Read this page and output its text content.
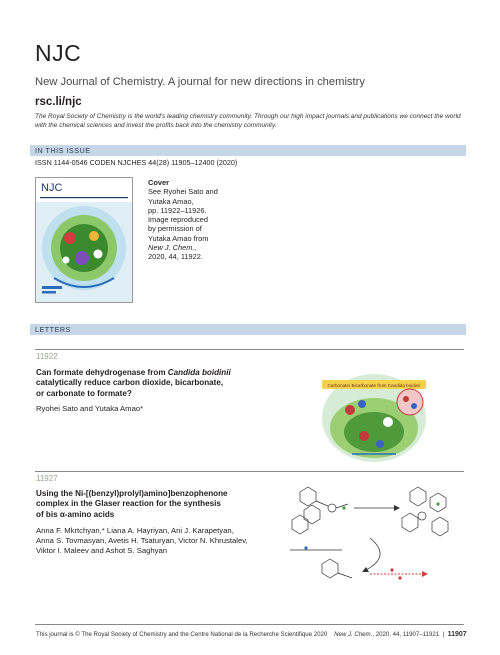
NJC
New Journal of Chemistry. A journal for new directions in chemistry
rsc.li/njc
The Royal Society of Chemistry is the world's leading chemistry community. Through our high impact journals and publications we connect the world with the chemical sciences and invest the profits back into the chemistry community.
IN THIS ISSUE
ISSN 1144-0546 CODEN NJCHES 44(28) 11905–12400 (2020)
NJC	Cover
See Ryohei Sato and
Yutaka Amao,
pp. 11922–11926.
Image reproduced
by permission of
Yutaka Amao from
New J. Chem.,
2020, 44, 11922.
LETTERS
11922
Can formate dehydrogenase from Candida boidinii
catalytically reduce carbon dioxide, bicarbonate,
or carbonate to formate?
Ryohei Sato and Yutaka Amao*
Carbonate/ Bicarbonate from Candida boidinii
11927
Using the Ni-[(benzyl)prolyl)amino]benzophenone
complex in the Glaser reaction for the synthesis
of bis α-amino acids
Anna F. Mkrtchyan,* Liana A. Hayriyan, Ani J. Karapetyan,
Anna S. Tovmasyan, Avetis H. Tsaturyan, Victor N. Khrustalev,
Viktor I. Maleev and Ashot S. Saghyan
This journal is © The Royal Society of Chemistry and the Centre National de la Recherche Scientifique 2020 New J. Chem., 2020, 44, 11907–11921 | 11907
